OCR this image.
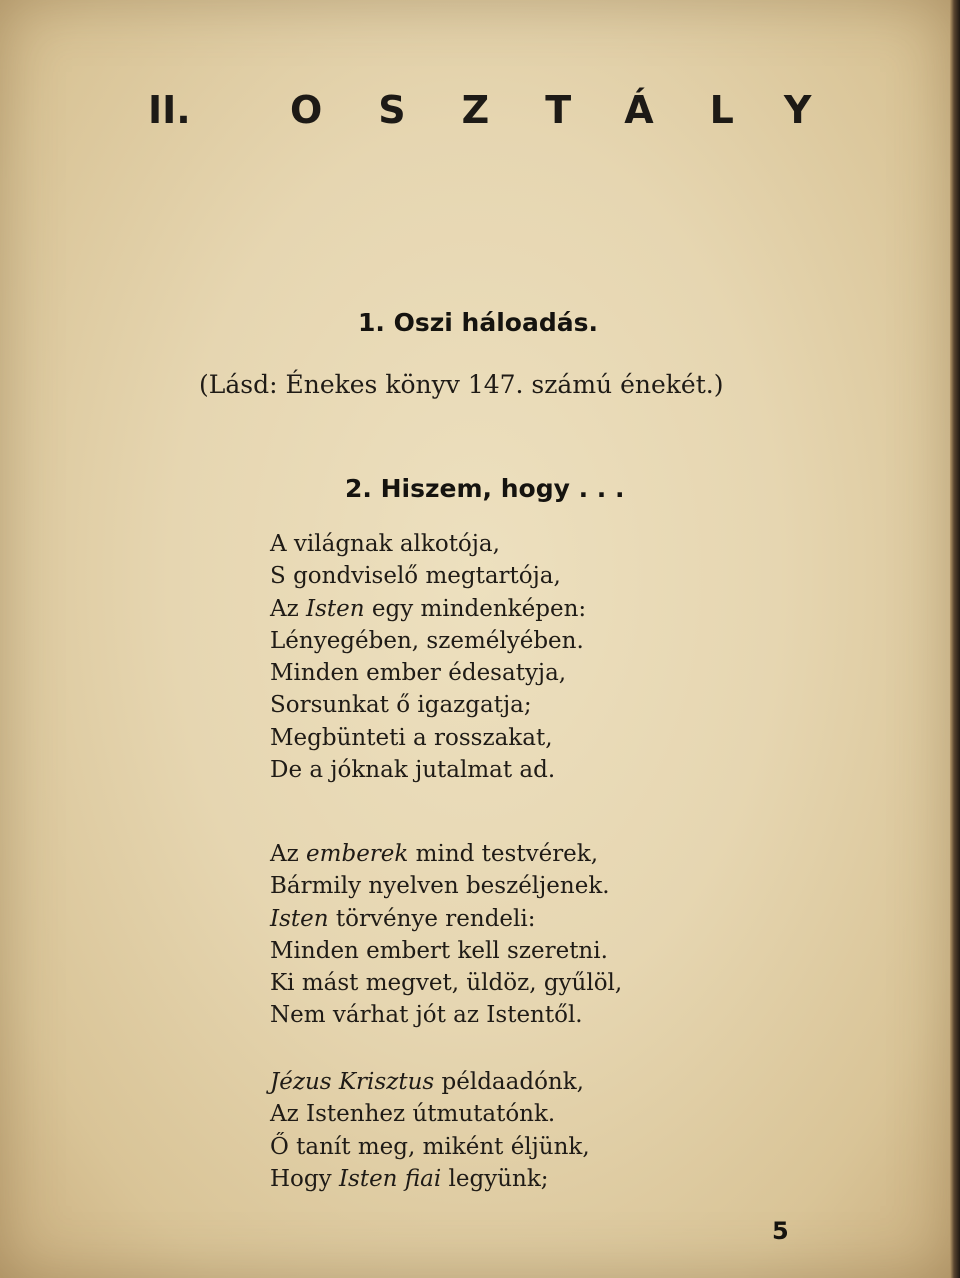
II.	OSZTÁLY
1. Oszi háloadás.
(Lásd: Énekes könyv 147. számú énekét.)
2. Hiszem, hogy . . .
A világnak alkotója,
S gondviselő megtartója,
Az Isten egy mindenképen:
Lényegében, személyében.
Minden ember édesatyja,
Sorsunkat ő igazgatja;
Megbünteti a rosszakat,
De a jóknak jutalmat ad.
Az emberek mind testvérek,
Bármily nyelven beszéljenek.
Isten törvénye rendeli:
Minden embert kell szeretni.
Ki mást megvet, üldöz, gyűlöl,
Nem várhat jót az Istentől.
Jézus Krisztus példaadónk,
Az Istenhez útmutatónk.
Ő tanít meg, miként éljünk,
Hogy Isten fiai legyünk;
5
